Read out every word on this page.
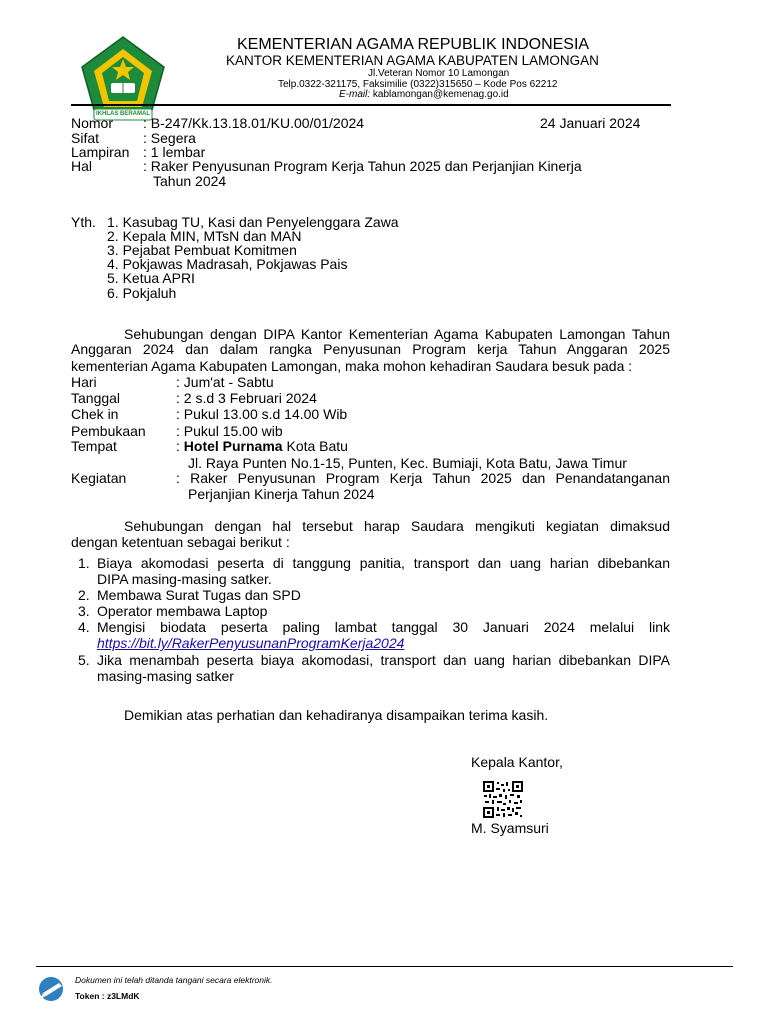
IKHLAS BERAMAL
KEMENTERIAN AGAMA REPUBLIK INDONESIA
KANTOR KEMENTERIAN AGAMA KABUPATEN LAMONGAN
Jl.Veteran Nomor 10 Lamongan
Telp.0322-321175, Faksimilie (0322)315650 – Kode Pos 62212
E-mail: kablamongan@kemenag.go.id
Nomor : B-247/Kk.13.18.01/KU.00/01/2024	24 Januari 2024
Sifat	: Segera
Lampiran : 1 lembar
Hal	: Raker Penyusunan Program Kerja Tahun 2025 dan Perjanjian Kinerja
Tahun 2024
Yth. 1. Kasubag TU, Kasi dan Penyelenggara Zawa
2. Kepala MIN, MTsN dan MAN
3. Pejabat Pembuat Komitmen
4. Pokjawas Madrasah, Pokjawas Pais
5. Ketua APRI
6. Pokjaluh
Sehubungan dengan DIPA Kantor Kementerian Agama Kabupaten Lamongan Tahun
Anggaran 2024 dan dalam rangka Penyusunan Program kerja Tahun Anggaran 2025
kementerian Agama Kabupaten Lamongan, maka mohon kehadiran Saudara besuk pada :
Hari	: Jum'at - Sabtu
Tanggal	: 2 s.d 3 Februari 2024
Chek in	: Pukul 13.00 s.d 14.00 Wib
Pembukaan : Pukul 15.00 wib
Tempat	: Hotel Purnama Kota Batu
Jl. Raya Punten No.1-15, Punten, Kec. Bumiaji, Kota Batu, Jawa Timur
Kegiatan	: Raker Penyusunan Program Kerja Tahun 2025 dan Penandatanganan
Perjanjian Kinerja Tahun 2024
Sehubungan dengan hal tersebut harap Saudara mengikuti kegiatan dimaksud
dengan ketentuan sebagai berikut :
1. Biaya akomodasi peserta di tanggung panitia, transport dan uang harian dibebankan
DIPA masing-masing satker.
2. Membawa Surat Tugas dan SPD
3. Operator membawa Laptop
4. Mengisi biodata peserta paling lambat tanggal 30 Januari 2024 melalui link
https://bit.ly/RakerPenyusunanProgramKerja2024
5. Jika menambah peserta biaya akomodasi, transport dan uang harian dibebankan DIPA
masing-masing satker
Demikian atas perhatian dan kehadiranya disampaikan terima kasih.
Kepala Kantor,
M. Syamsuri
Dokumen ini telah ditanda tangani secara elektronik.
Token : z3LMdK
